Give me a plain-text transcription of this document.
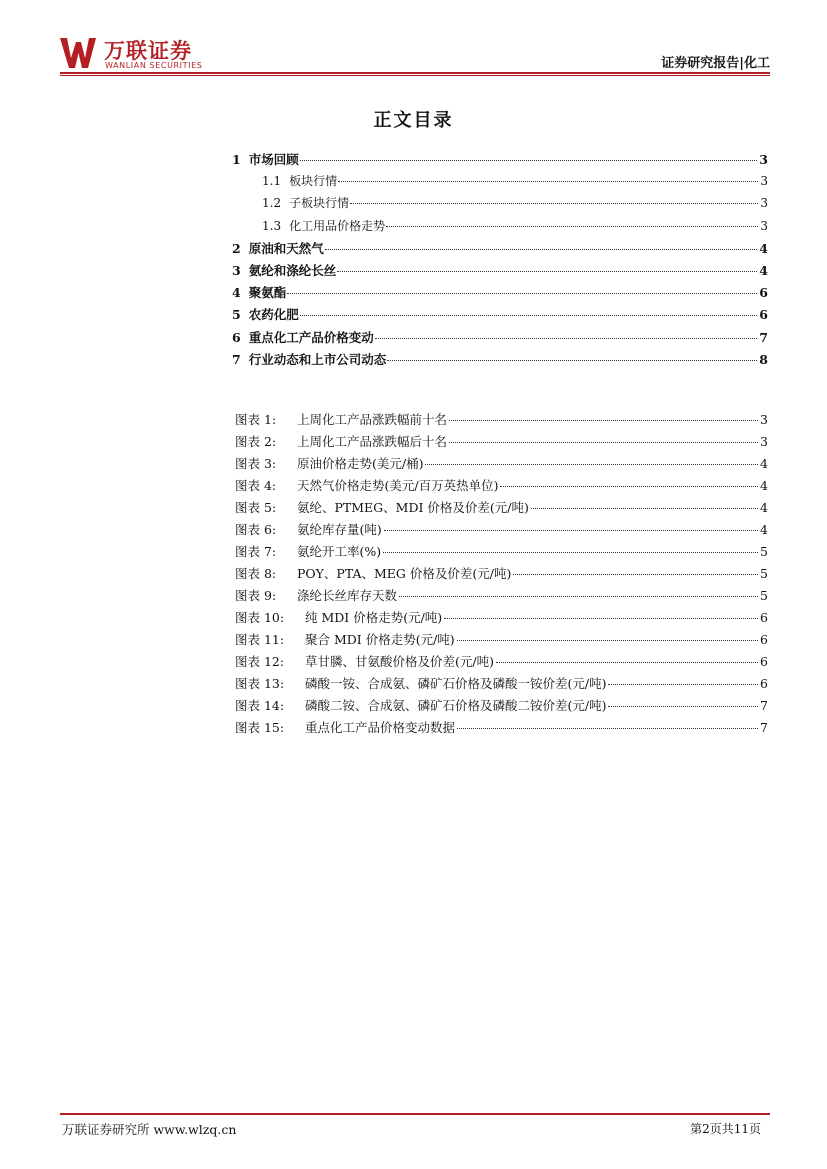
万联证券
WANLIAN SECURITIES	证券研究报告|化工
正文目录
1 市场回顾	3
1.1 板块行情	3
1.2 子板块行情	3
1.3 化工用品价格走势	3
2 原油和天然气	4
3 氨纶和涤纶长丝	4
4 聚氨酯	6
5 农药化肥	6
6 重点化工产品价格变动	7
7 行业动态和上市公司动态	8
图表 1:	上周化工产品涨跌幅前十名	3
图表 2:	上周化工产品涨跌幅后十名	3
图表 3:	原油价格走势(美元/桶)	4
图表 4:	天然气价格走势(美元/百万英热单位)	4
图表 5:	氨纶、PTMEG、MDI 价格及价差(元/吨)	4
图表 6:	氨纶库存量(吨)	4
图表 7:	氨纶开工率(%)	5
图表 8:	POY、PTA、MEG 价格及价差(元/吨)	5
图表 9:	涤纶长丝库存天数	5
图表 10:	纯 MDI 价格走势(元/吨)	6
图表 11:	聚合 MDI 价格走势(元/吨)	6
图表 12:	草甘膦、甘氨酸价格及价差(元/吨)	6
图表 13:	磷酸一铵、合成氨、磷矿石价格及磷酸一铵价差(元/吨)	6
图表 14:	磷酸二铵、合成氨、磷矿石价格及磷酸二铵价差(元/吨)	7
图表 15:	重点化工产品价格变动数据	7
万联证券研究所 www.wlzq.cn	第2页共11页
